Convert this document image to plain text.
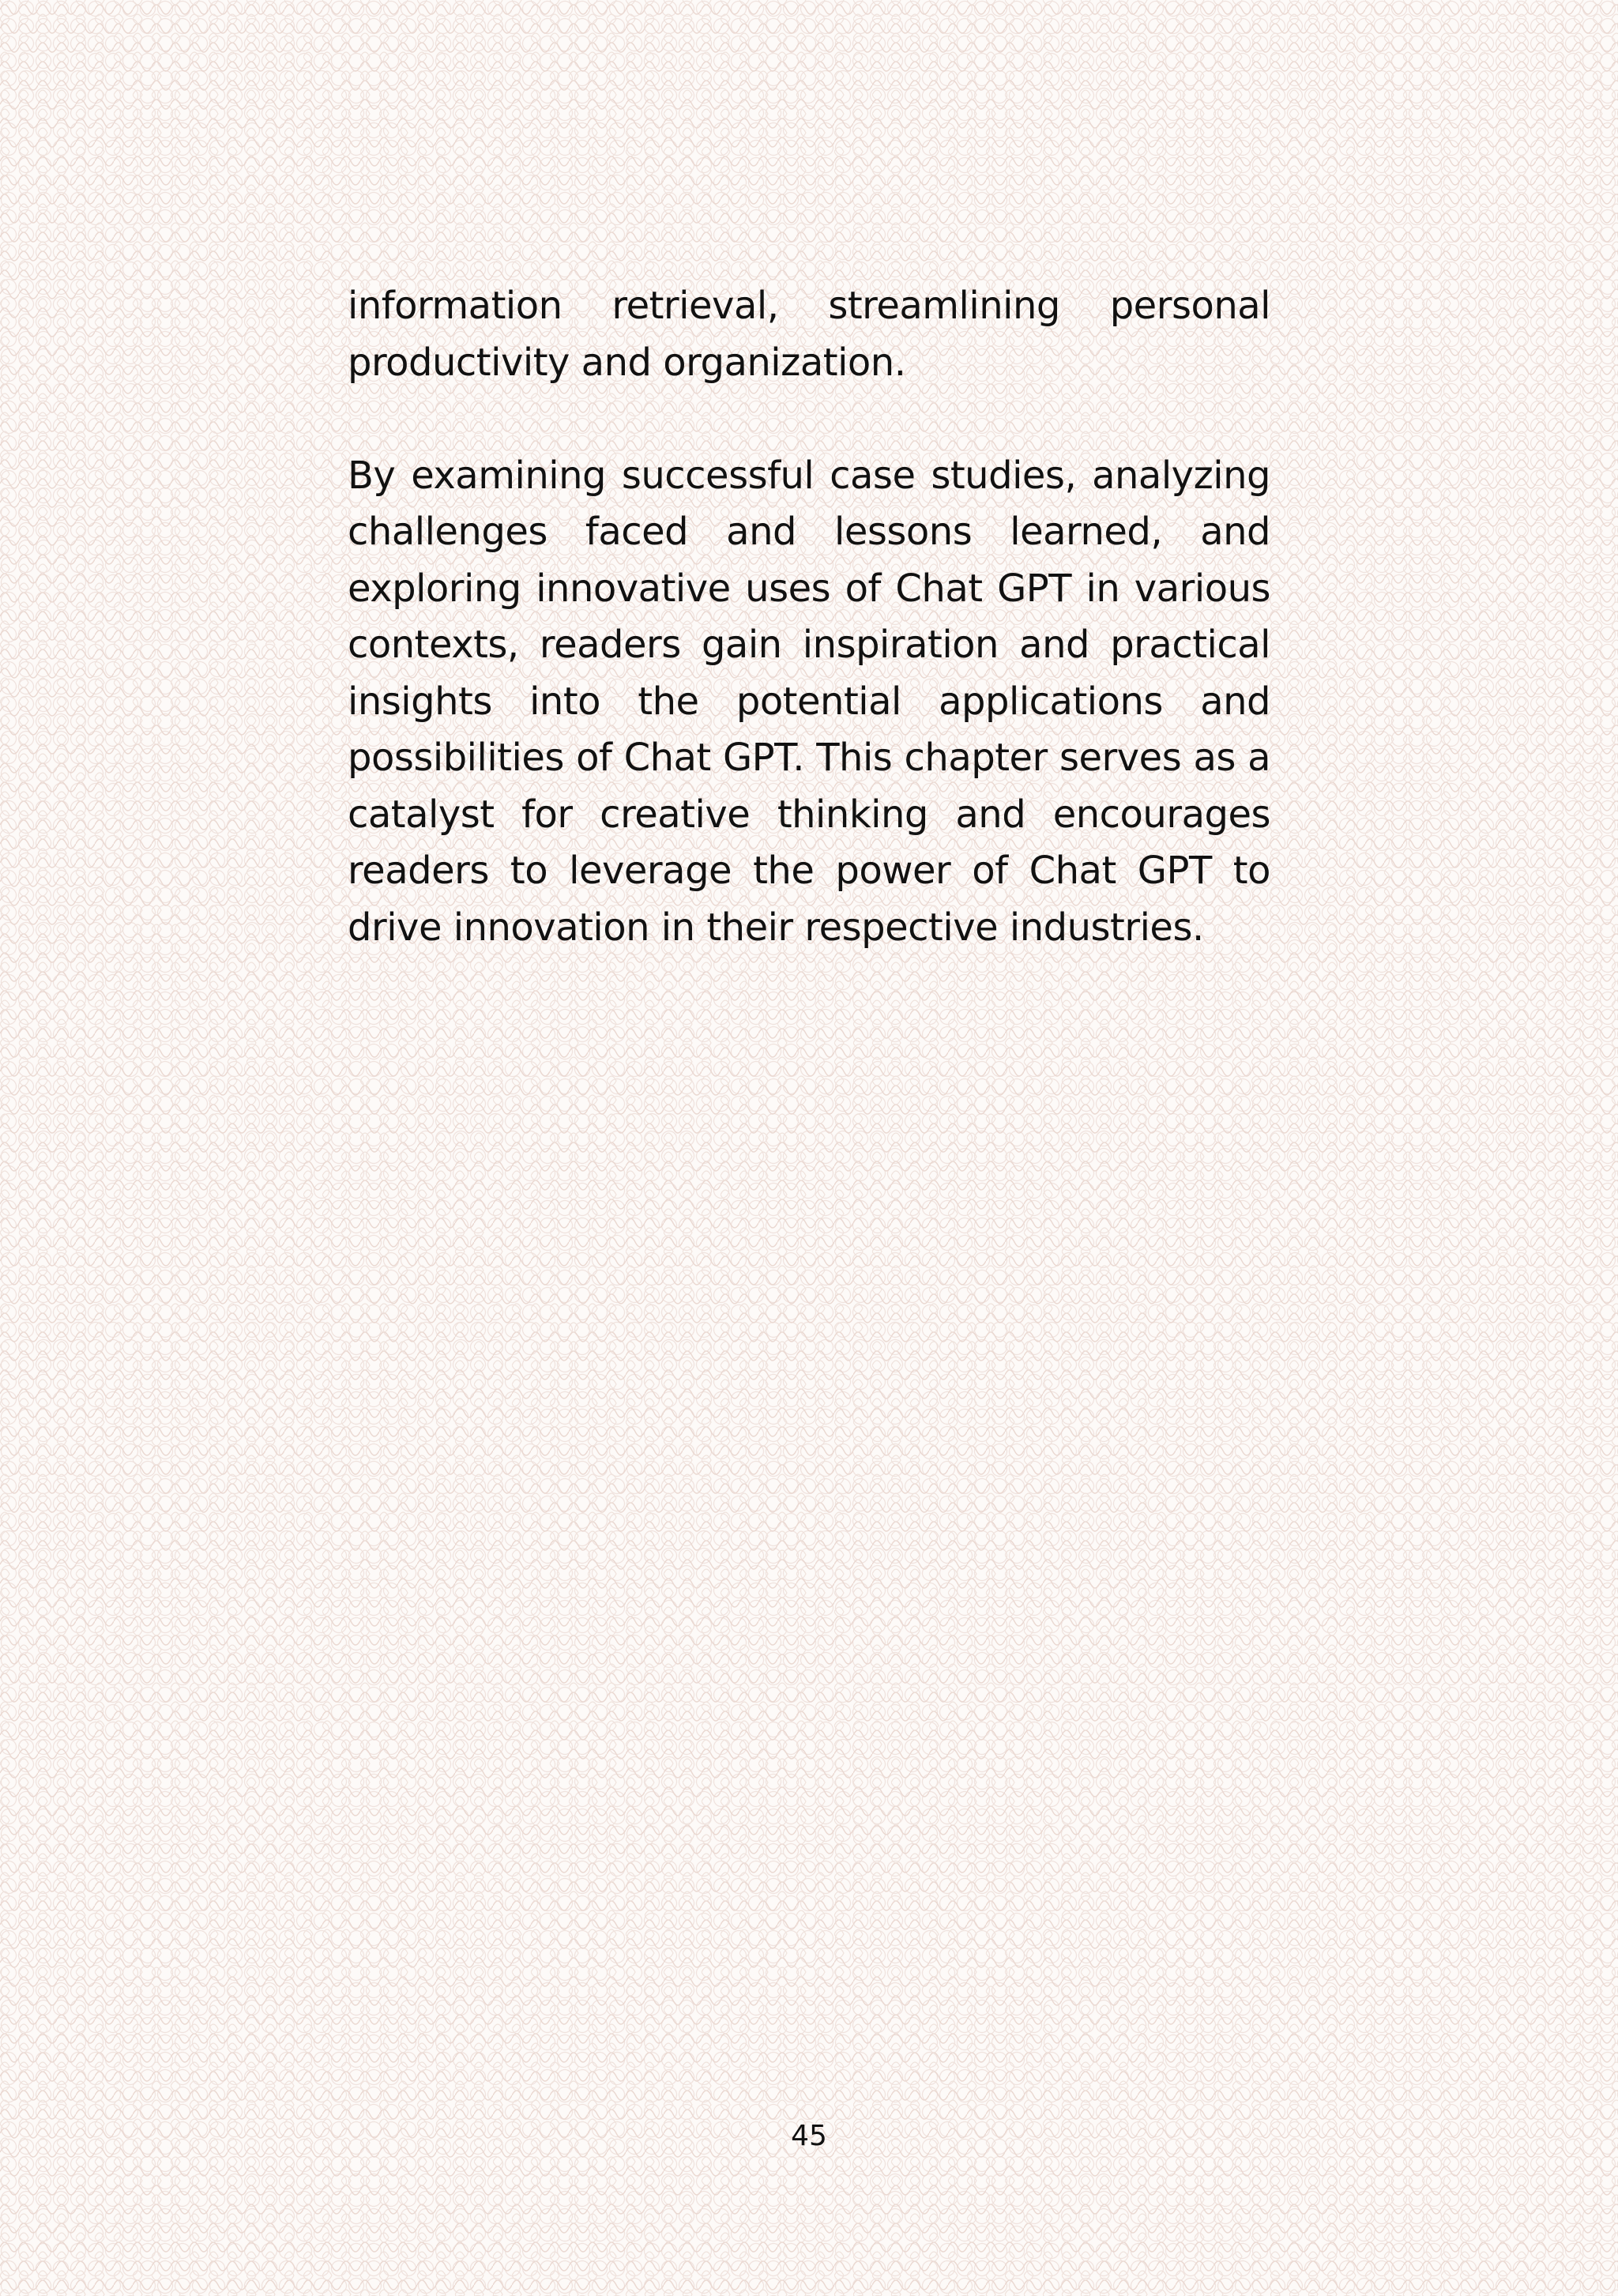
information retrieval, streamlining personal productivity and organization.

By examining successful case studies, analyzing challenges faced and lessons learned, and exploring innovative uses of Chat GPT in various contexts, readers gain inspiration and practical insights into the potential applications and possibilities of Chat GPT. This chapter serves as a catalyst for creative thinking and encourages readers to leverage the power of Chat GPT to drive innovation in their respective industries.

45
